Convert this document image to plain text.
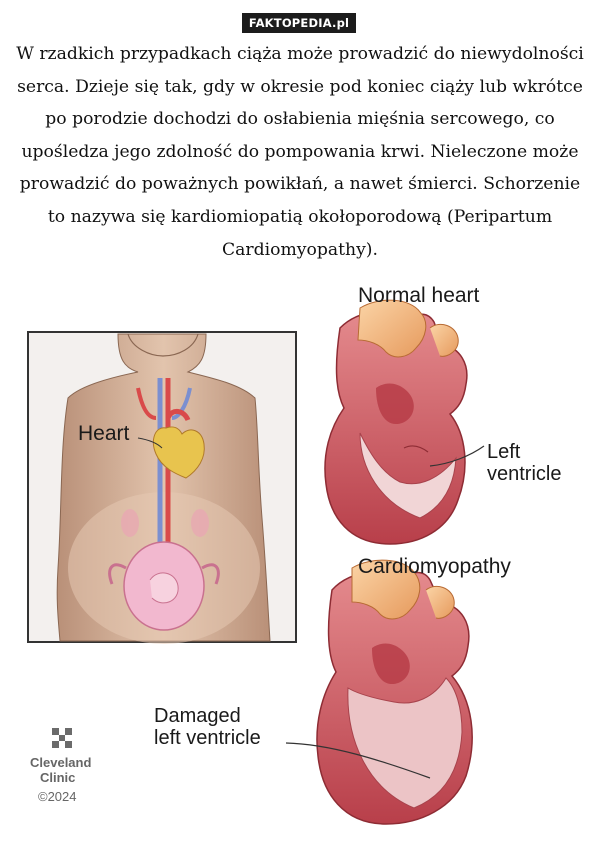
FAKTOPEDIA.pl
W rzadkich przypadkach ciąża może prowadzić do niewydolności serca. Dzieje się tak, gdy w okresie pod koniec ciąży lub wkrótce po porodzie dochodzi do osłabienia mięśnia sercowego, co upośledza jego zdolność do pompowania krwi. Nieleczone może prowadzić do poważnych powikłań, a nawet śmierci. Schorzenie to nazywa się kardiomiopatią okołoporodową (Peripartum Cardiomyopathy).
Heart
Normal heart
Left
ventricle
Cardiomyopathy
Damaged
left ventricle
Cleveland
Clinic
©2024
